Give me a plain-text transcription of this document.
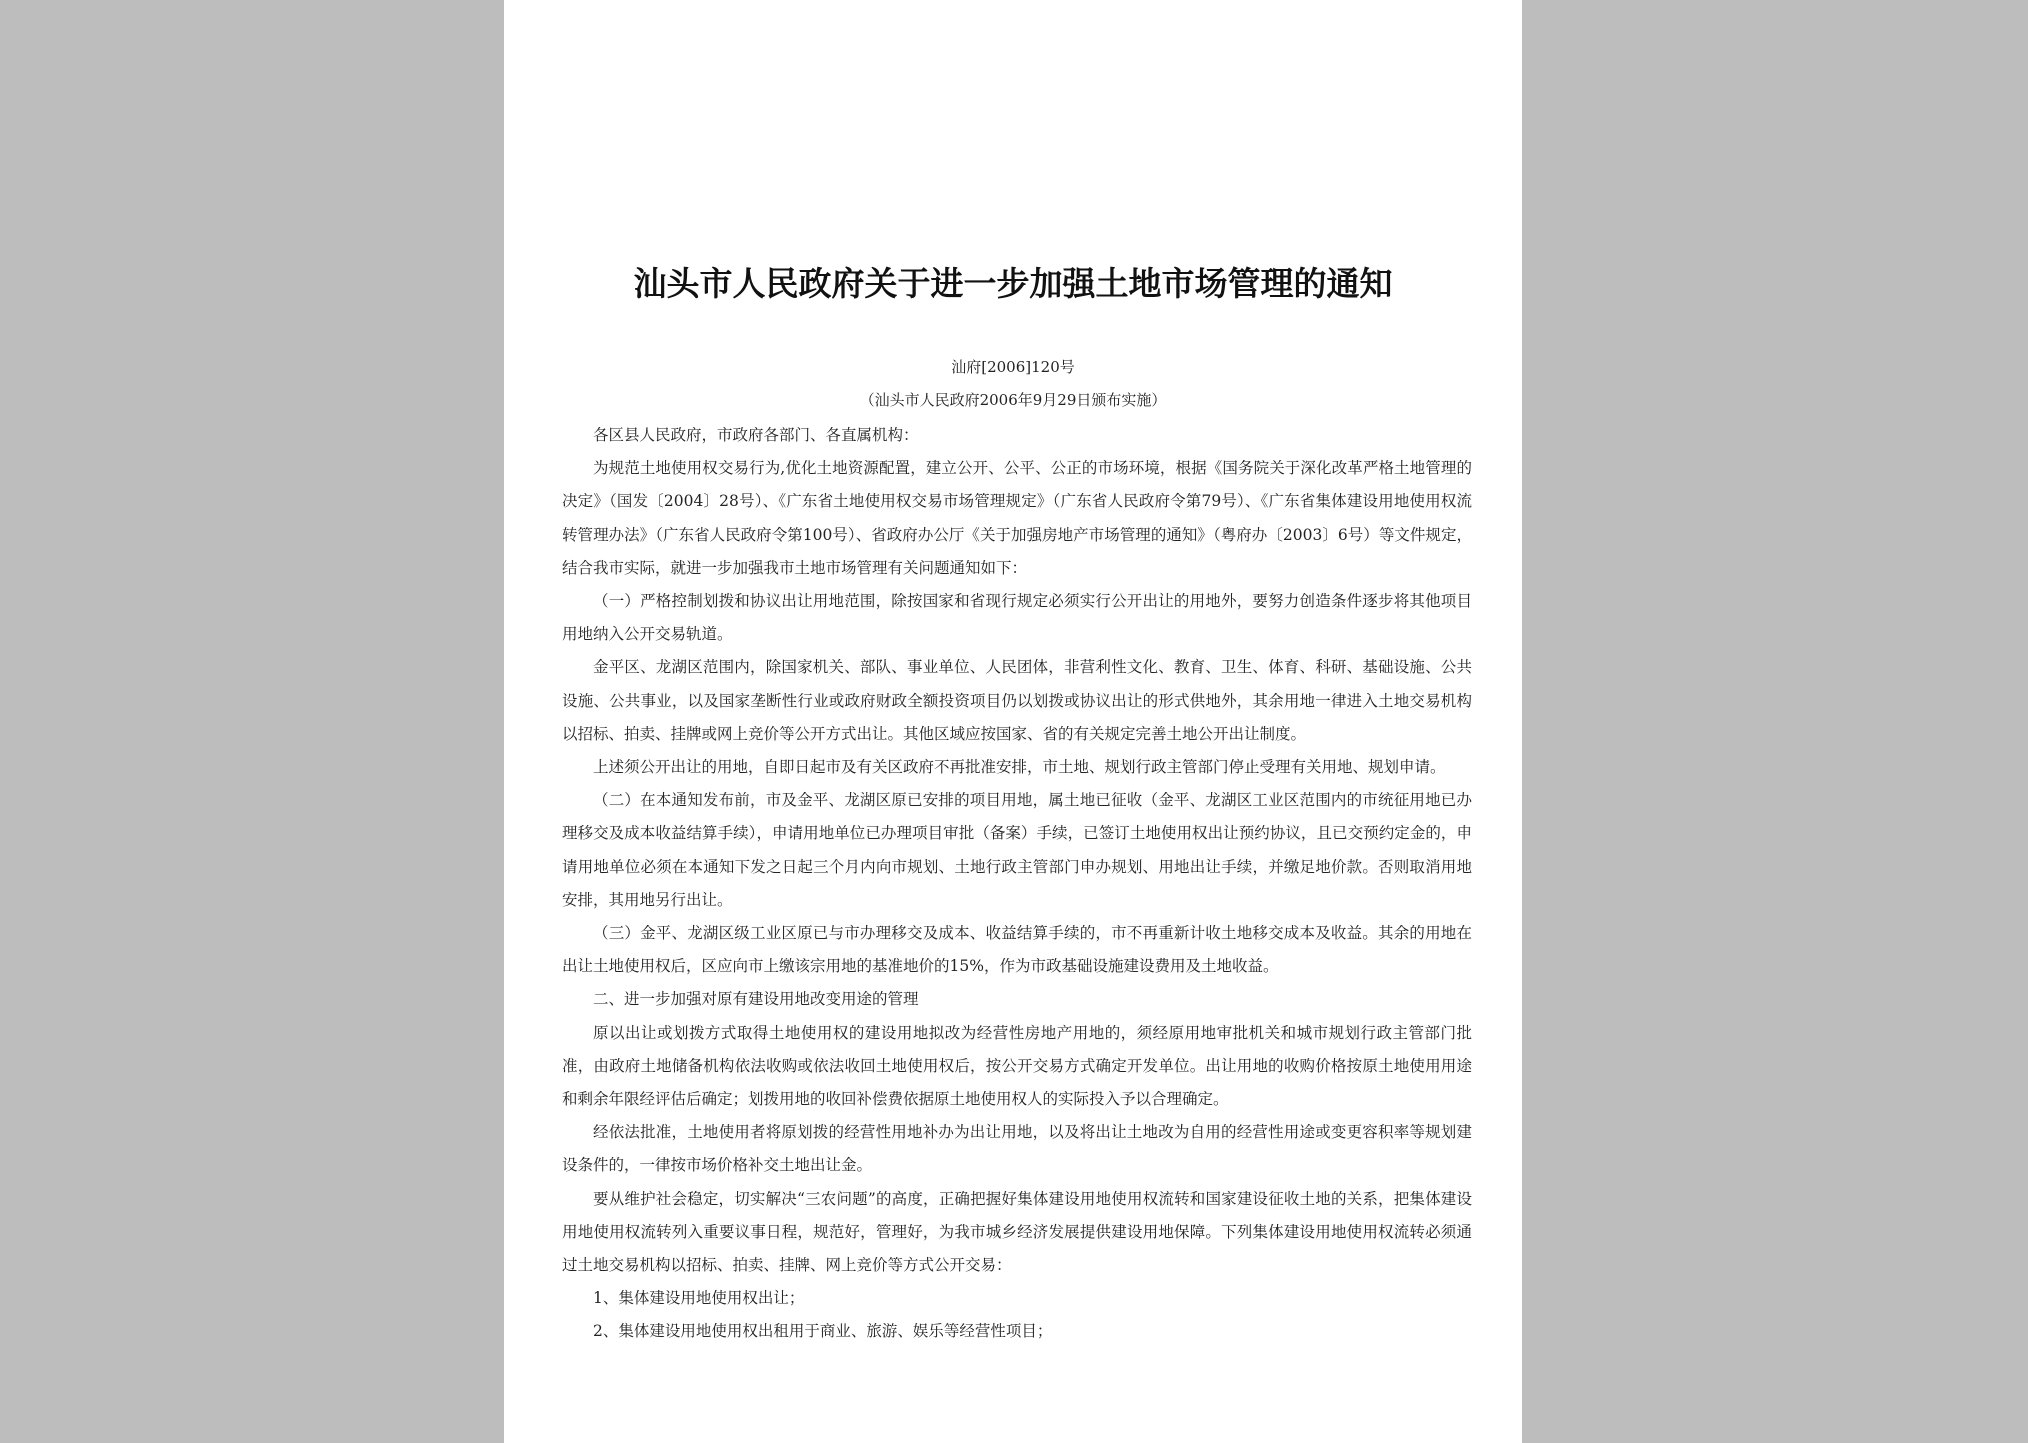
汕头市人民政府关于进一步加强土地市场管理的通知
汕府[2006]120号
（汕头市人民政府2006年9月29日颁布实施）

各区县人民政府，市政府各部门、各直属机构：

为规范土地使用权交易行为,优化土地资源配置，建立公开、公平、公正的市场环境，根据《国务院关于深化改革严格土地管理的决定》（国发〔2004〕28号）、《广东省土地使用权交易市场管理规定》（广东省人民政府令第79号）、《广东省集体建设用地使用权流转管理办法》（广东省人民政府令第100号）、省政府办公厅《关于加强房地产市场管理的通知》（粤府办〔2003〕6号）等文件规定，结合我市实际，就进一步加强我市土地市场管理有关问题通知如下：

（一）严格控制划拨和协议出让用地范围，除按国家和省现行规定必须实行公开出让的用地外，要努力创造条件逐步将其他项目用地纳入公开交易轨道。

金平区、龙湖区范围内，除国家机关、部队、事业单位、人民团体，非营利性文化、教育、卫生、体育、科研、基础设施、公共设施、公共事业，以及国家垄断性行业或政府财政全额投资项目仍以划拨或协议出让的形式供地外，其余用地一律进入土地交易机构以招标、拍卖、挂牌或网上竞价等公开方式出让。其他区域应按国家、省的有关规定完善土地公开出让制度。

上述须公开出让的用地，自即日起市及有关区政府不再批准安排，市土地、规划行政主管部门停止受理有关用地、规划申请。

（二）在本通知发布前，市及金平、龙湖区原已安排的项目用地，属土地已征收（金平、龙湖区工业区范围内的市统征用地已办理移交及成本收益结算手续），申请用地单位已办理项目审批（备案）手续，已签订土地使用权出让预约协议，且已交预约定金的，申请用地单位必须在本通知下发之日起三个月内向市规划、土地行政主管部门申办规划、用地出让手续，并缴足地价款。否则取消用地安排，其用地另行出让。

（三）金平、龙湖区级工业区原已与市办理移交及成本、收益结算手续的，市不再重新计收土地移交成本及收益。其余的用地在出让土地使用权后，区应向市上缴该宗用地的基准地价的15%，作为市政基础设施建设费用及土地收益。

二、进一步加强对原有建设用地改变用途的管理

原以出让或划拨方式取得土地使用权的建设用地拟改为经营性房地产用地的，须经原用地审批机关和城市规划行政主管部门批准，由政府土地储备机构依法收购或依法收回土地使用权后，按公开交易方式确定开发单位。出让用地的收购价格按原土地使用用途和剩余年限经评估后确定；划拨用地的收回补偿费依据原土地使用权人的实际投入予以合理确定。

经依法批准，土地使用者将原划拨的经营性用地补办为出让用地，以及将出让土地改为自用的经营性用途或变更容积率等规划建设条件的，一律按市场价格补交土地出让金。

要从维护社会稳定，切实解决“三农问题”的高度，正确把握好集体建设用地使用权流转和国家建设征收土地的关系，把集体建设用地使用权流转列入重要议事日程，规范好，管理好，为我市城乡经济发展提供建设用地保障。下列集体建设用地使用权流转必须通过土地交易机构以招标、拍卖、挂牌、网上竞价等方式公开交易：

1、集体建设用地使用权出让；

2、集体建设用地使用权出租用于商业、旅游、娱乐等经营性项目；
